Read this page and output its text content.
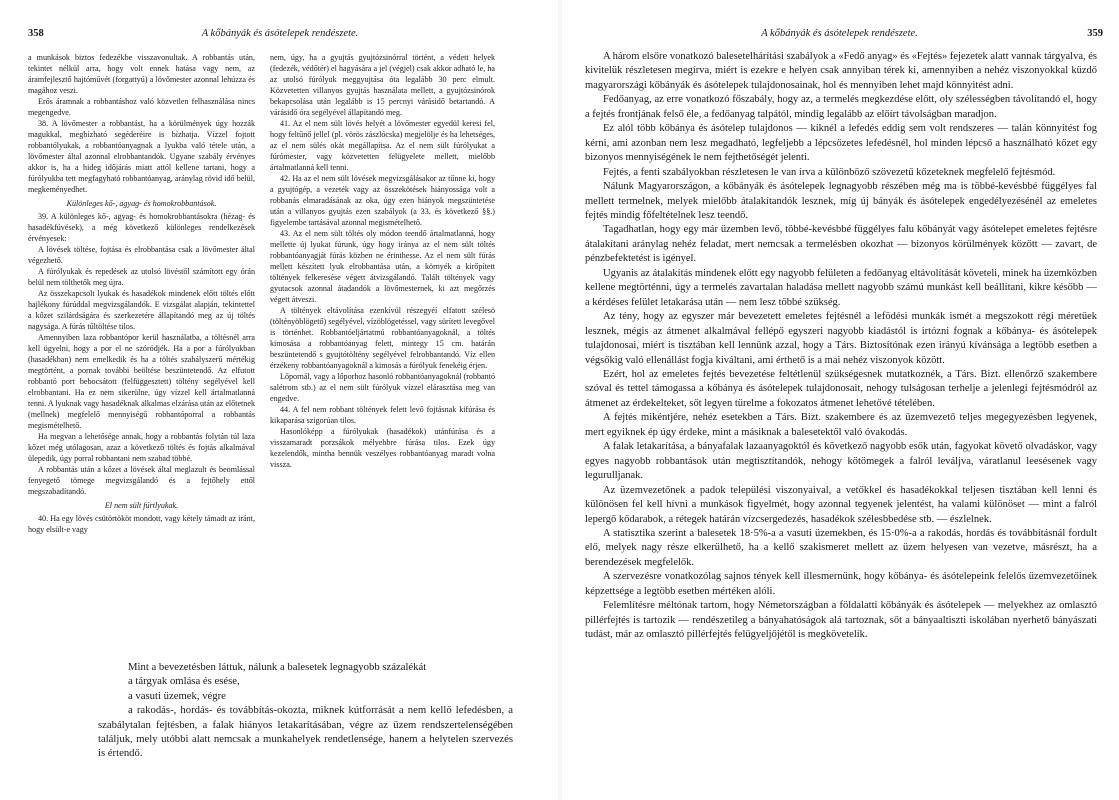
358	A kőbányák és ásótelepek rendészete.

a munkások biztos fedezékbe visszavonultak. A robbantás után, tekintet nélkül arra, hogy volt ennek hatása vagy nem, az áramfejlesztő hajtóművét (forgattyú) a lövőmester azonnal lehúzza és magához veszi.

Erős áramnak a robbantáshoz való közvetlen felhasználása nincs megengedve.

38. A lövőmester a robbantást, ha a körülmények úgy hozzák magukkal, megbízható segéderéire is bízhatja. Vízzel fojtott robbantólyukak, a robbantóanyagnak a lyukba való tétele után, a lövőmester által azonnal elrobbantandók. Ugyane szabály érvényes akkor is, ha a hideg időjárás miatt attól kellene tartani, hogy a fúrólyukba tett megfagyható robbantóanyag, aránylag rövid idő belül, megkeményedhet.

Különleges kő-, agyag- és homokrobbantások.

39. A különleges kő-, agyag- és homokrobbantásokra (hézag- és hasadékfúvések), a még következő különleges rendelkezések érvényesek:

A lövések töltése, fojtása és elrobbantása csak a lövőmester által végezhető.

A fúrólyukak és repedések az utolsó lövéstől számított egy órán belül nem tölthetők meg újra.

Az összekapcsolt lyukak és hasadékok mindenek előtt töltés előtt hajlékony fúrúddal megvizsgálandók. E vizsgálat alapján, tekintettel a kőzet szilárdságára és szerkezetére állapítandó meg az új töltés nagysága. A fúrás tűltöltése tilos.

Amennyiben laza robbantópor kerül használatba, a töltésnél arra kell ügyelni, hogy a por el ne szóródjék. Ha a por a fúrólyukban (hasadékban) nem emelkedik és ha a töltés szabályszerű mértékig megtörtént, a pornak további beöltése beszüntetendő. Az elfutott robbantó port bebocsátott (felfüggesztett) töltény segélyével kell elrobbantani. Ha ez nem sikerülne, úgy vízzel kell ártalmatlanná tenni. A lyuknak vagy hasadéknak alkalmas elzárása után az előtetnek (mellnek) megfelelő mennyiségű robbantóporral a robbantás megismételhető.

Ha megvan a lehetősége annak, hogy a robbantás folytán túl laza kőzet még utólagosan, azaz a következő töltés és fojtás alkalmával ülepedik, úgy porral robbantani nem szabad többé.

A robbantás után a kőzet a lövések által meglazult és beomlással fenyegető tömege megvizsgálandó és a fejtőhely ettől megszabadítandó.

El nem sült fúrtlyukak.

40. Ha egy lövés csütörtököt mondott, vagy kétely támadt az iránt, hogy elsült-e vagy

nem, úgy, ha a gyujtás gyujtózsinórral történt, a védett helyek (fedezék, védőtér) el hagyására a jel (végjel) csak akkor adható le, ha az utolsó fúrólyuk meggyujtása óta legalább 30 perc elmult. Közvetetten villanyos gyujtás használata mellett, a gyujtózsinórok bekapcsolása után legalább is 15 percnyi várásidő betartandó. A várásidő óra segélyével állapítandó meg.

41. Az el nem sült lövés helyét a lövőmester egyedül keresi fel, hogy feltűnő jellel (pl. vörös zászlócska) megjelölje és ha lehetséges, az el nem sülés okát megállapítsa. Az el nem sült fúrólyukat a fúrómester, vagy közvetetten felügyelete mellett, mielőbb ártalmatlanná kell tenni.

42. Ha az el nem sült lövések megvizsgálásakor az tűnne ki, hogy a gyujtógép, a vezeték vagy az összekötések hiányossága volt a robbanás elmaradásának az oka, úgy ezen hiányok megszüntetése után a villanyos gyujtás ezen szabályok (a 33. és következő §§.) figyelembe tartásával azonnal megismételhető.

43. Az el nem sült töltés oly módon teendő ártalmatlanná, hogy mellette új lyukat fúrunk, úgy hogy iránya az el nem sült töltés robbantóanyagját fúrás közben ne érinthesse. Az el nem sült fúrás mellett készített lyuk elrobbantása után, a környék a kirőpített töltények felkeresése végett átvizsgálandó. Talált töltények vagy gyutacsok azonnal átadandók a lövőmesternek, ki azt megőrzés végett átveszi.

A töltények eltávolítása ezenkívül részegyéí elfatott szélesö (töltényöblögető) segélyével, vízöblögetéssel, vagy sürített levegővel is történhet. Robbantóeljártatmú robbantóanyagoknál, a töltés kimosása a robbantóanyag felett, mintegy 15 cm. határán beszüntetendő s gyujtótöltény segélyével felrobbantandó. Víz ellen érzékeny robbantóanyagoknál a kimosás a fúrólyuk fenekéig érjen.

Lőpornál, vagy a lőporhoz hasonló robbantóanyagoknál (robbantó salétrom stb.) az el nem sült fúrólyuk vízzel elárasztása meg van engedve.

44. A fel nem robbant töltények felett levő fojtásnak kifúrása és kikaparása szigorúan tilos.

Hasonlóképp a fúrólyukak (hasadékok) utánfúrása és a visszamaradt porzsákok mélyebbre fúrása tilos. Ezek úgy kezelendők, mintha bennük veszélyes robbantóanyag maradt volna vissza.

Mint a bevezetésben láttuk, nálunk a balesetek legnagyobb százalékát

a tárgyak omlása és esése,

a vasuti üzemek, végre

a rakodás-, hordás- és továbbítás-okozta, miknek kútforrását a nem kellő lefedésben, a szabálytalan fejtésben, a falak hiányos letakarításában, végre az üzem rendszertelenségében találjuk, mely utóbbi alatt nemcsak a munkahelyek rendetlensége, hanem a helytelen szervezés is értendő.

A kőbányák és ásótelepek rendészete.	359

A három elsőre vonatkozó balesetelhárítási szabályok a «Fedő anyag» és «Fejtés» fejezetek alatt vannak tárgyalva, és kivitelük részletesen megírva, miért is ezekre e helyen csak annyiban térek ki, amennyiben a nehéz viszonyokkal küzdő magyarországi kőbányák és ásótelepek tulajdonosainak, hol és mennyiben lehet majd könnyitést adni.

Fedőanyag, az erre vonatkozó főszabály, hogy az, a termelés megkezdése előtt, oly szélességben távolítandó el, hogy a fejtés frontjának felső éle, a fedőanyag talpától, mindig legalább az előírt távolságban maradjon.

Ez alól több kőbánya és ásótelep tulajdonos — kiknél a lefedés eddig sem volt rendszeres — talán könnyitést fog kérni, ami azonban nem lesz megadható, legfeljebb a lépcsőzetes lefedésnél, hol minden lépcső a használható kőzet egy bizonyos mennyiségének le nem fejthetőségét jelenti.

Fejtés, a fenti szabályokban részletesen le van írva a különböző szövezetű kőzeteknek megfelelő fejtésmód.

Nálunk Magyarországon, a kőbányák és ásótelepek legnagyobb részében még ma is többé-kevésbbé függélyes fal mellett termelnek, melyek mielőbb átalakítandók lesznek, míg új bányák és ásótelepek engedélyezésénél az emeletes fejtés mindig főfeltételnek lesz teendő.

Tagadhatlan, hogy egy már üzemben levő, többé-kevésbbé függélyes falu kőbányát vagy ásótelepet emeletes fejtésre átalakítani aránylag nehéz feladat, mert nemcsak a termelésben okozhat — bizonyos körülmények között — zavart, de pénzbefektetést is igényel.

Ugyanis az átalakítás mindenek előtt egy nagyobb felületen a fedőanyag eltávolítását követeli, minek ha üzemközben kellene megtörténni, úgy a termelés zavartalan haladása mellett nagyobb számú munkást kell beállítani, kikre később — a kérdéses felület letakarása után — nem lesz többé szükség.

Az tény, hogy az egyszer már bevezetett emeletes fejtésnél a lefödési munkák ismét a megszokott régi méretűek lesznek, mégis az átmenet alkalmával fellépő egyszeri nagyobb kiadástól is irtózni fognak a kőbánya- és ásótelepek tulajdonosai, miért is tisztában kell lennünk azzal, hogy a Társ. Biztosítónak ezen irányú kívánsága a legtöbb esetben a végsőkig való ellenállást fogja kiváltani, ami érthető is a mai nehéz viszonyok között.

Ezért, hol az emeletes fejtés bevezetése feltétlenül szükségesnek mutatkoznék, a Társ. Bizt. ellenőrző szakembere szóval és tettel támogassa a kőbánya és ásótelepek tulajdonosait, nehogy tulságosan terhelje a jelenlegi fejtésmódról az átmenet az érdekelteket, sőt legyen türelme a fokozatos átmenet lehetővé tételében.

A fejtés mikéntjére, nehéz esetekben a Társ. Bizt. szakembere és az üzemvezető teljes megegyezésben legyenek, mert egyiknek ép úgy érdeke, mint a másiknak a balesetektől való óvakodás.

A falak letakarítása, a bányafalak lazaanyagoktól és következő nagyobb esők után, fagyokat követő olvadáskor, vagy egyes nagyobb robbantások után megtisztítandók, nehogy kötömegek a falról leváljva, váratlanul leesésenek vagy legurulljanak.

Az üzemvezetőnek a padok települési viszonyaival, a vetőkkel és hasadékokkal teljesen tisztában kell lenni és különösen fel kell hívni a munkások figyelmét, hogy azonnal tegyenek jelentést, ha valami különöset — mint a falról lepergő kődarabok, a rétegek határán vízcsergedezés, hasadékok szélesbbedése stb. — észlelnek.

A statisztika szerint a balesetek 18·5%-a a vasuti üzemekben, és 15·0%-a a rakodás, hordás és továbbításnál fordult elő, melyek nagy része elkerülhető, ha a kellő szakismeret mellett az üzem helyesen van vezetve, másrészt, ha a berendezések megfelelők.

A szervezésre vonatkozólag sajnos tények kell illesmernünk, hogy kőbánya- és ásótelepeink felelős üzemvezetőinek képzettsége a legtöbb esetben mértéken alóli.

Felemlítésre méltónak tartom, hogy Németországban a földalatti kőbányák és ásótelepek — melyekhez az omlasztó pillérfejtés is tartozik — rendészetileg a bányahatóságok alá tartoznak, sőt a bányaaltiszti iskolában nyerhető bányászati tudást, már az omlasztó pillérfejtés felügyeljőjétől is megkövetelik.
